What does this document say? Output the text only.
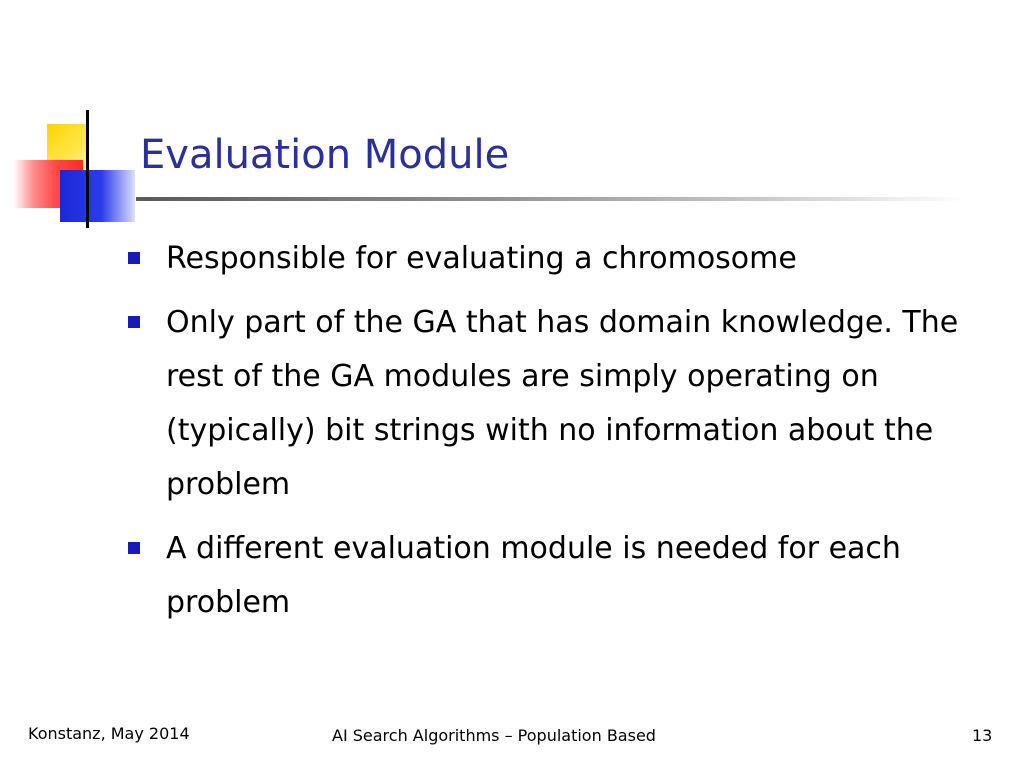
Evaluation Module
Responsible for evaluating a chromosome
Only part of the GA that has domain knowledge. The rest of the GA modules are simply operating on (typically) bit strings with no information about the problem
A different evaluation module is needed for each problem
Konstanz, May 2014	AI Search Algorithms – Population Based	13
